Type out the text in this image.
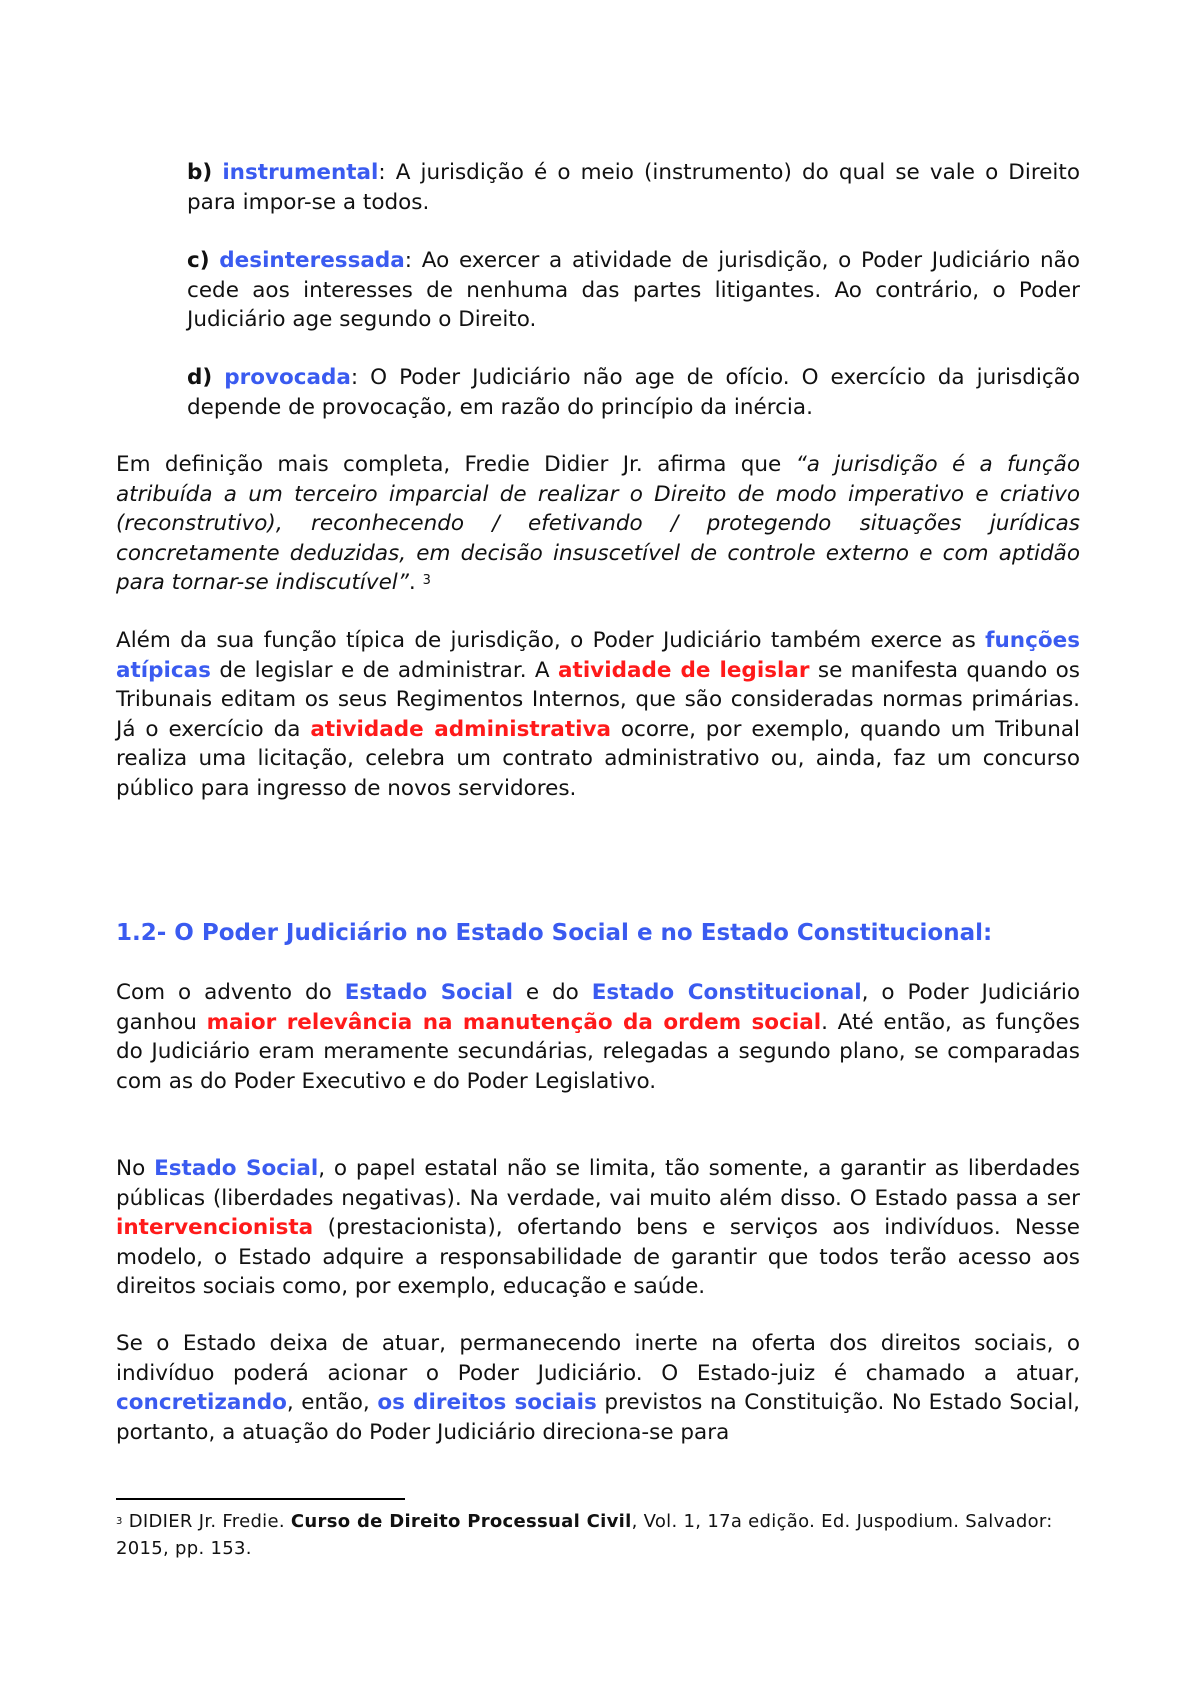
b) instrumental: A jurisdição é o meio (instrumento) do qual se vale o Direito para impor-se a todos.

c) desinteressada: Ao exercer a atividade de jurisdição, o Poder Judiciário não cede aos interesses de nenhuma das partes litigantes. Ao contrário, o Poder Judiciário age segundo o Direito.

d) provocada: O Poder Judiciário não age de ofício. O exercício da jurisdição depende de provocação, em razão do princípio da inércia.

Em definição mais completa, Fredie Didier Jr. afirma que “a jurisdição é a função atribuída a um terceiro imparcial de realizar o Direito de modo imperativo e criativo (reconstrutivo), reconhecendo / efetivando / protegendo situações jurídicas concretamente deduzidas, em decisão insuscetível de controle externo e com aptidão para tornar-se indiscutível”. $^3$

Além da sua função típica de jurisdição, o Poder Judiciário também exerce as funções atípicas de legislar e de administrar. A atividade de legislar se manifesta quando os Tribunais editam os seus Regimentos Internos, que são consideradas normas primárias. Já o exercício da atividade administrativa ocorre, por exemplo, quando um Tribunal realiza uma licitação, celebra um contrato administrativo ou, ainda, faz um concurso público para ingresso de novos servidores.

1.2- O Poder Judiciário no Estado Social e no Estado Constitucional:

Com o advento do Estado Social e do Estado Constitucional, o Poder Judiciário ganhou maior relevância na manutenção da ordem social. Até então, as funções do Judiciário eram meramente secundárias, relegadas a segundo plano, se comparadas com as do Poder Executivo e do Poder Legislativo.

No Estado Social, o papel estatal não se limita, tão somente, a garantir as liberdades públicas (liberdades negativas). Na verdade, vai muito além disso. O Estado passa a ser intervencionista (prestacionista), ofertando bens e serviços aos indivíduos. Nesse modelo, o Estado adquire a responsabilidade de garantir que todos terão acesso aos direitos sociais como, por exemplo, educação e saúde.

Se o Estado deixa de atuar, permanecendo inerte na oferta dos direitos sociais, o indivíduo poderá acionar o Poder Judiciário. O Estado-juiz é chamado a atuar, concretizando, então, os direitos sociais previstos na Constituição. No Estado Social, portanto, a atuação do Poder Judiciário direciona-se para

$^3$ DIDIER Jr. Fredie. Curso de Direito Processual Civil, Vol. 1, 17a edição. Ed. Juspodium. Salvador: 2015, pp. 153.
